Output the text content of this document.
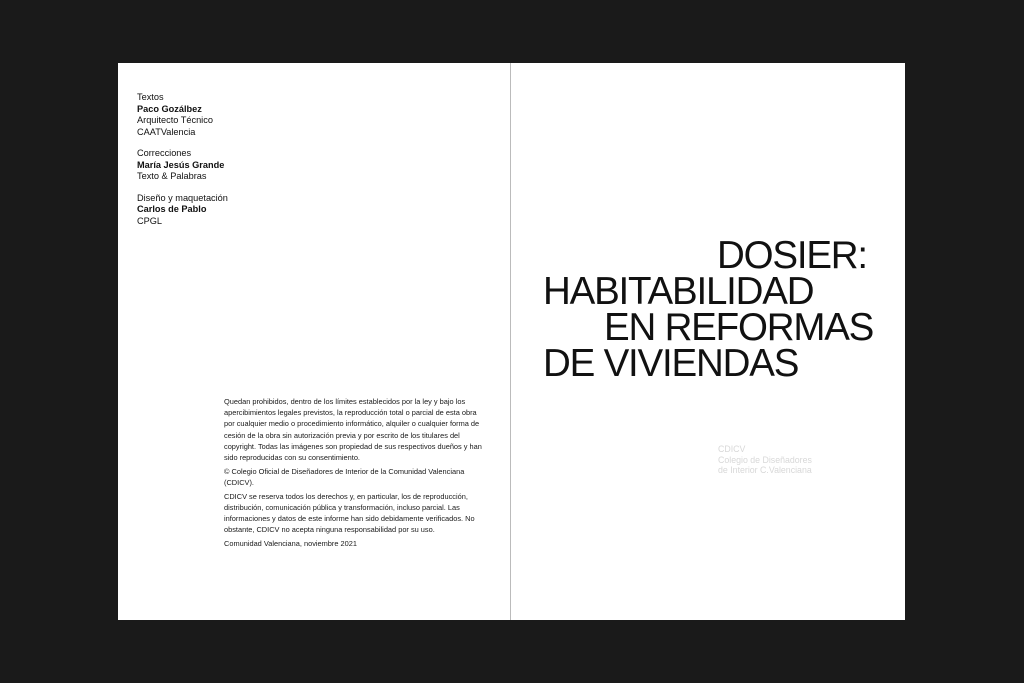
Textos
Paco Gozálbez
Arquitecto Técnico
CAATValencia
Correcciones
María Jesús Grande
Texto & Palabras
Diseño y maquetación
Carlos de Pablo
CPGL

Quedan prohibidos, dentro de los límites establecidos por la ley y bajo los apercibimientos legales previstos, la reproducción total o parcial de esta obra por cualquier medio o procedimiento informático, alquiler o cualquier forma de cesión de la obra sin autorización previa y por escrito de los titulares del copyright. Todas las imágenes son propiedad de sus respectivos dueños y han sido reproducidas con su consentimiento.

© Colegio Oficial de Diseñadores de Interior de la Comunidad Valenciana (CDICV).

CDICV se reserva todos los derechos y, en particular, los de reproducción, distribución, comunicación pública y transformación, incluso parcial. Las informaciones y datos de este informe han sido debidamente verificados. No obstante, CDICV no acepta ninguna responsabilidad por su uso.

Comunidad Valenciana, noviembre 2021

DOSIER:
HABITABILIDAD
EN REFORMAS
DE VIVIENDAS
CDICV
Colegio de Diseñadores
de Interior C.Valenciana
